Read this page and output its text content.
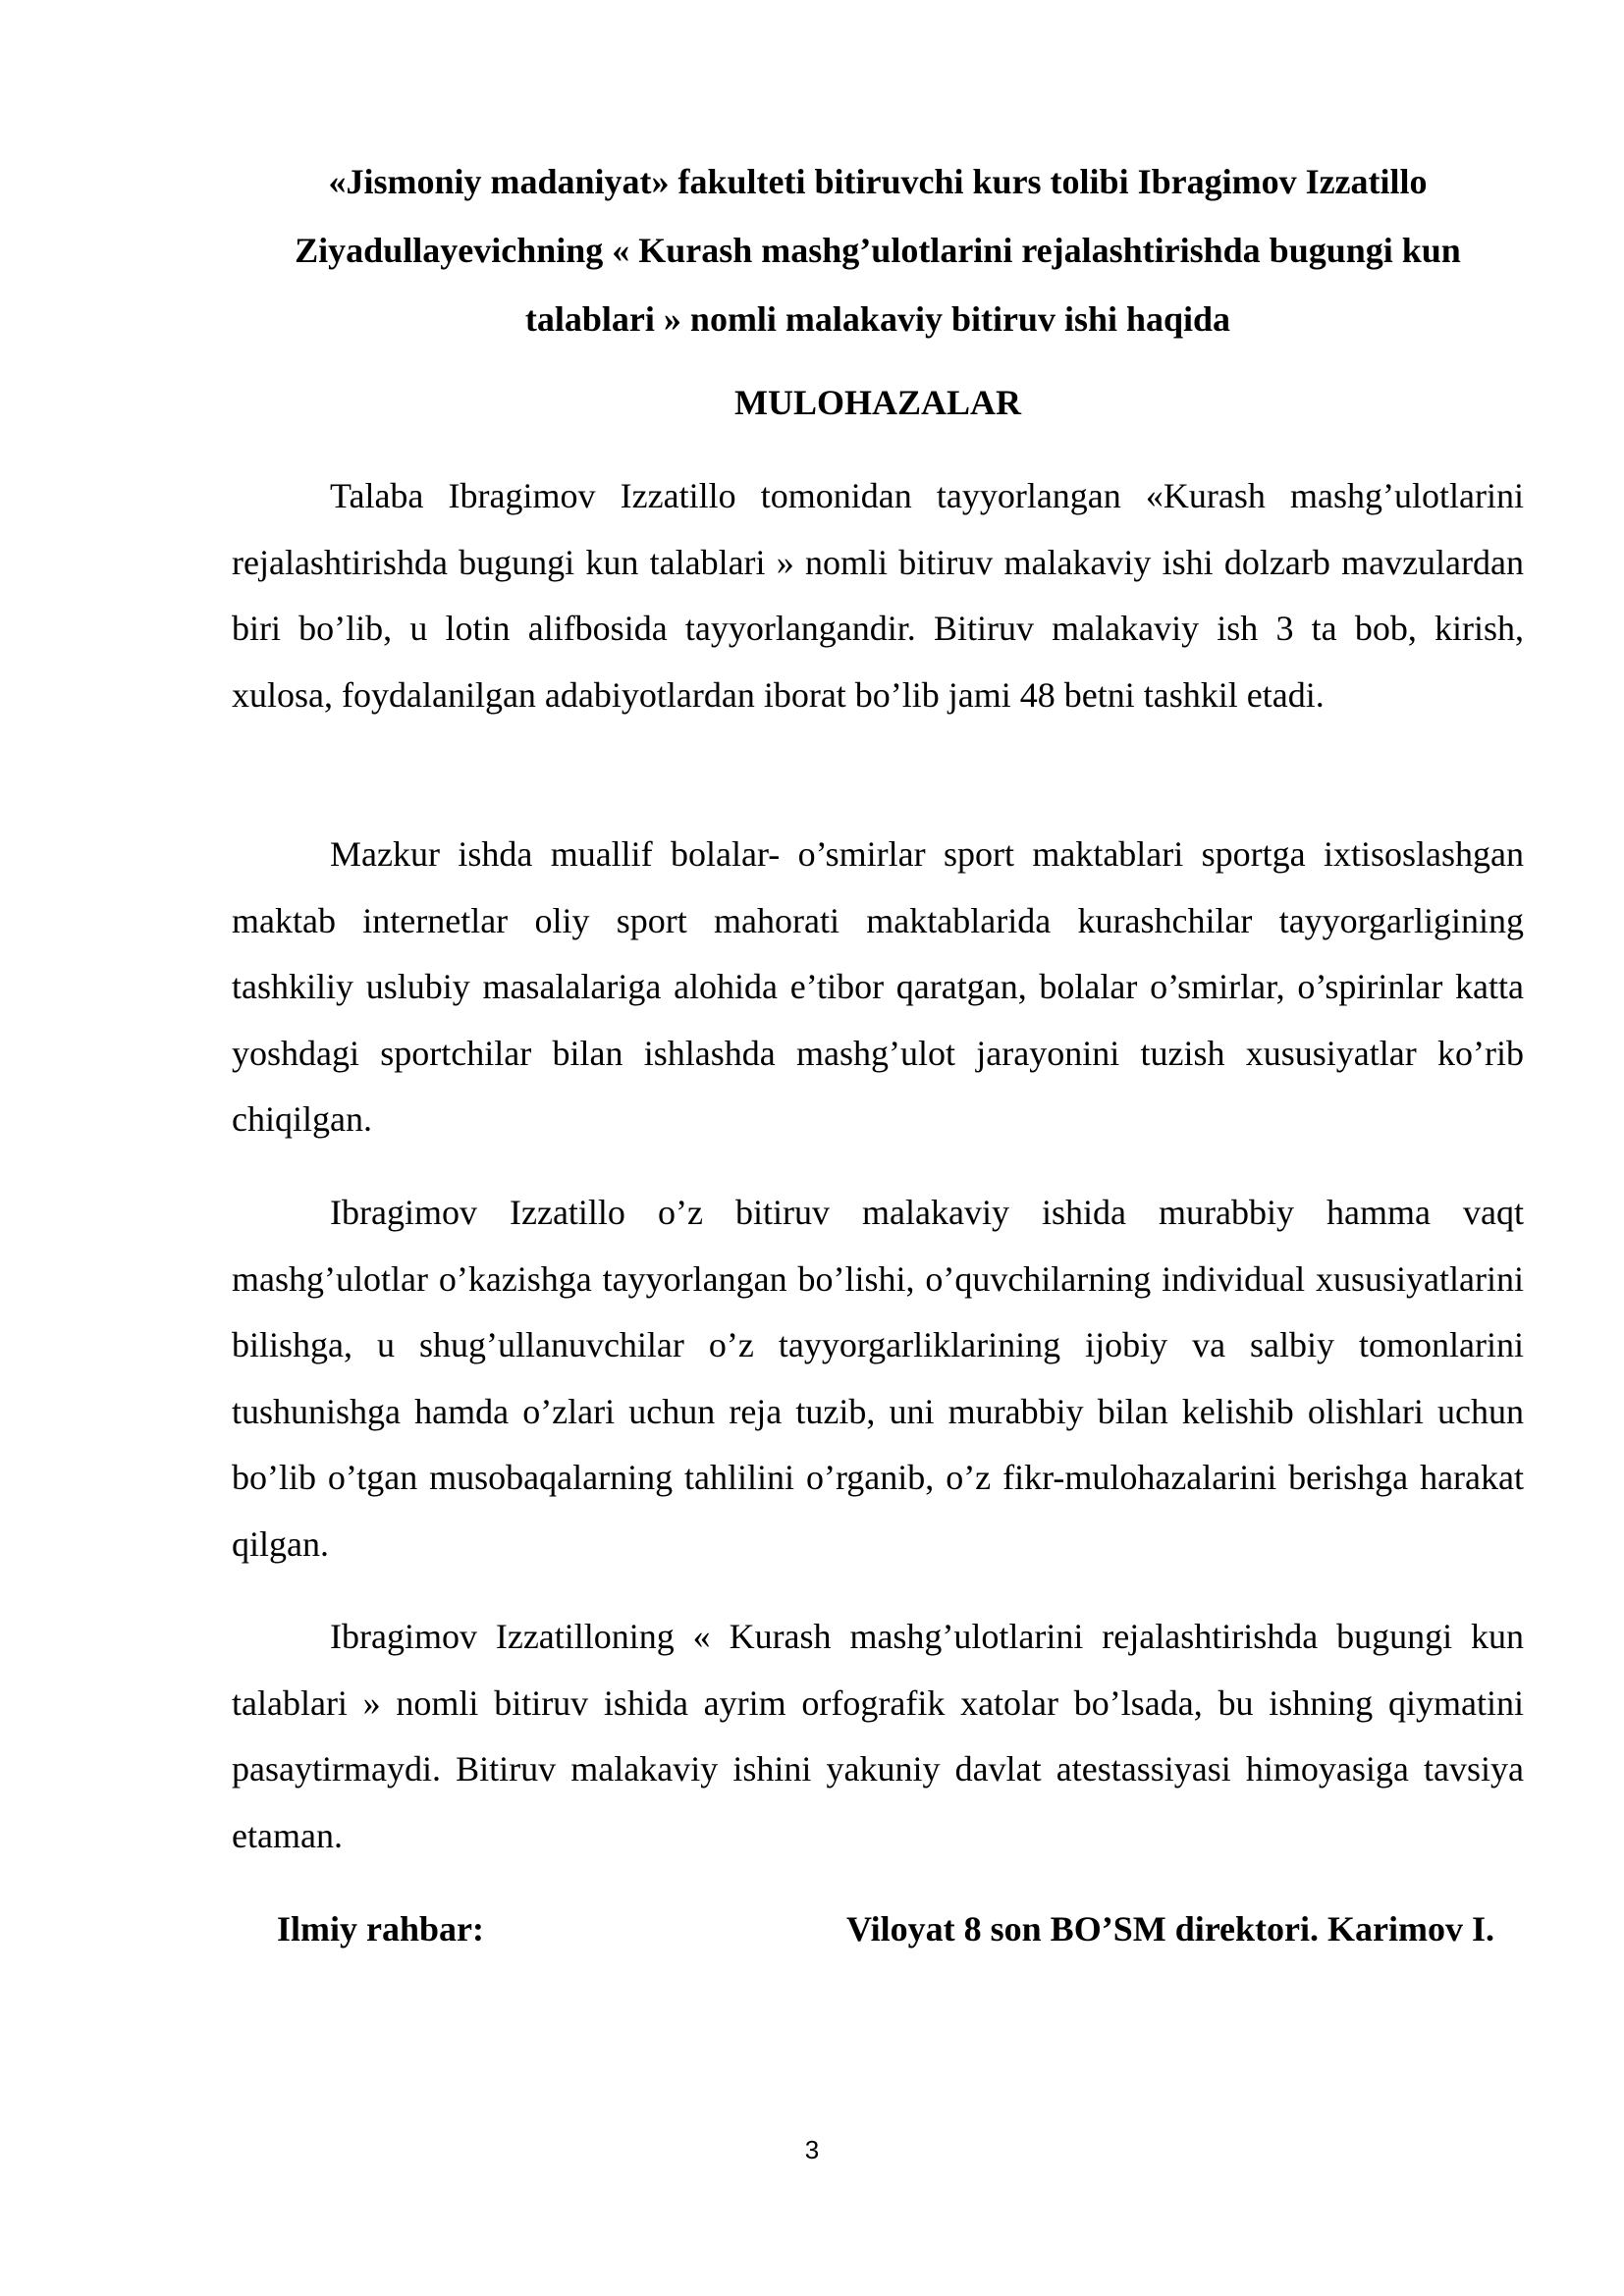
«Jismoniy madaniyat» fakulteti bitiruvchi kurs tolibi Ibragimov Izzatillo
Ziyadullayevichning « Kurash mashg’ulotlarini rejalashtirishda bugungi kun
talablari » nomli malakaviy bitiruv ishi haqida
MULOHAZALAR

Talaba Ibragimov Izzatillo tomonidan tayyorlangan «Kurash mashg’ulotlarini rejalashtirishda bugungi kun talablari » nomli bitiruv malakaviy ishi dolzarb mavzulardan biri bo’lib, u lotin alifbosida tayyorlangandir. Bitiruv malakaviy ish 3 ta bob, kirish, xulosa, foydalanilgan adabiyotlardan iborat bo’lib jami 48 betni tashkil etadi.

Mazkur ishda muallif bolalar- o’smirlar sport maktablari sportga ixtisoslashgan maktab internetlar oliy sport mahorati maktablarida kurashchilar tayyorgarligining tashkiliy uslubiy masalalariga alohida e’tibor qaratgan, bolalar o’smirlar, o’spirinlar katta yoshdagi sportchilar bilan ishlashda mashg’ulot jarayonini tuzish xususiyatlar ko’rib chiqilgan.

Ibragimov Izzatillo o’z bitiruv malakaviy ishida murabbiy hamma vaqt mashg’ulotlar o’kazishga tayyorlangan bo’lishi, o’quvchilarning individual xususiyatlarini bilishga, u shug’ullanuvchilar o’z tayyorgarliklarining ijobiy va salbiy tomonlarini tushunishga hamda o’zlari uchun reja tuzib, uni murabbiy bilan kelishib olishlari uchun bo’lib o’tgan musobaqalarning tahlilini o’rganib, o’z fikr-mulohazalarini berishga harakat qilgan.

Ibragimov Izzatilloning « Kurash mashg’ulotlarini rejalashtirishda bugungi kun talablari » nomli bitiruv ishida ayrim orfografik xatolar bo’lsada, bu ishning qiymatini pasaytirmaydi. Bitiruv malakaviy ishini yakuniy davlat atestassiyasi himoyasiga tavsiya etaman.

Ilmiy rahbar:	Viloyat 8 son BO’SM direktori. Karimov I.
3
